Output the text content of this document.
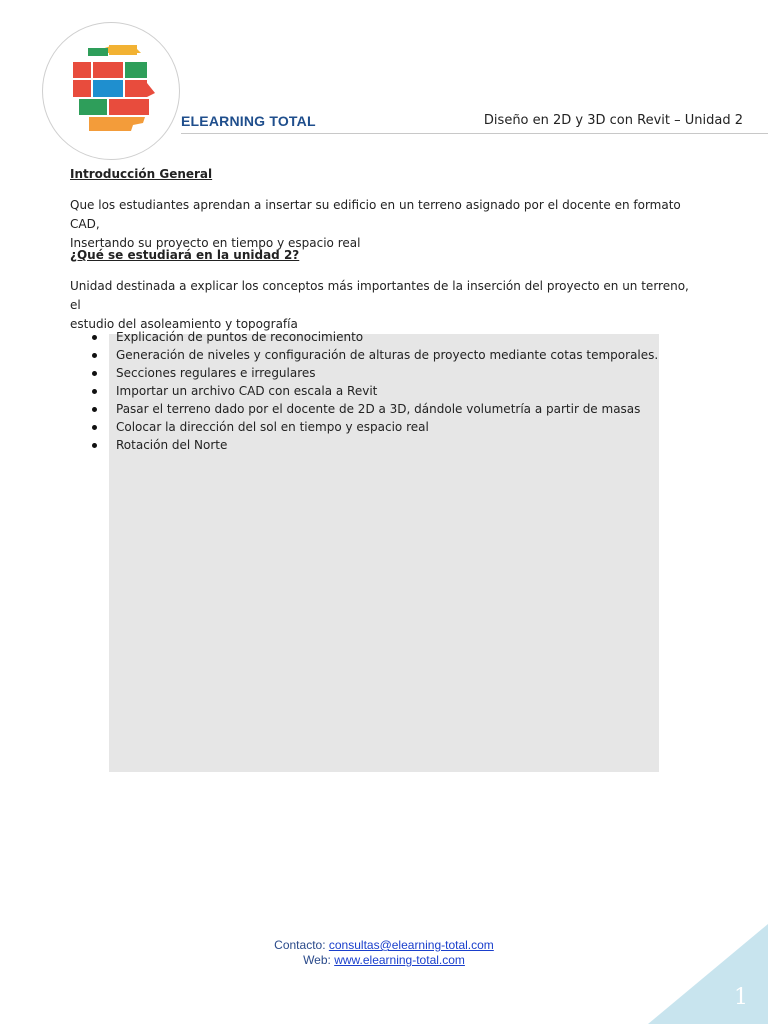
ELEARNING TOTAL	Diseño en 2D y 3D con Revit – Unidad 2
Introducción General
Que los estudiantes aprendan a insertar su edificio en un terreno asignado por el docente en formato CAD,
Insertando su proyecto en tiempo y espacio real
¿Qué se estudiará en la unidad 2?
Unidad destinada a explicar los conceptos más importantes de la inserción del proyecto en un terreno, el
estudio del asoleamiento y topografía
Explicación de puntos de reconocimiento
Generación de niveles y configuración de alturas de proyecto mediante cotas temporales.
Secciones regulares e irregulares
Importar un archivo CAD con escala a Revit
Pasar el terreno dado por el docente de 2D a 3D, dándole volumetría a partir de masas
Colocar la dirección del sol en tiempo y espacio real
Rotación del Norte
Contacto: consultas@elearning-total.com
Web: www.elearning-total.com
1
